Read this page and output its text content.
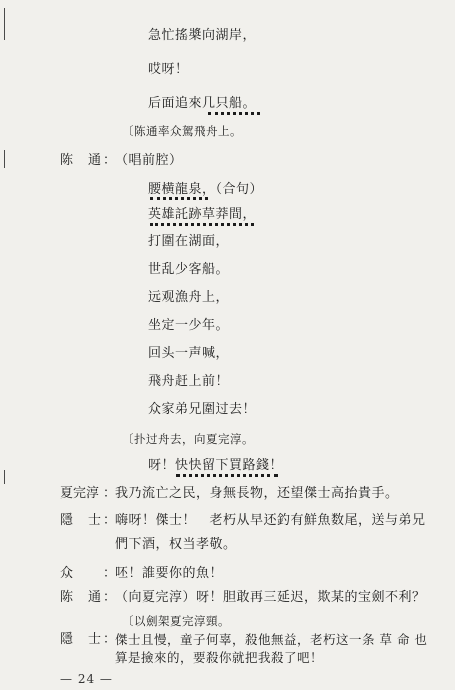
急忙搖槳向湖岸，
哎呀！
后面追來几只船。
〔陈通率众駕飛舟上。
陈　通 ：
（唱前腔）
腰横龍泉，（合句）
英雄託跡草莽間，
打圍在湖面，
世乱少客船。
远观漁舟上，
坐定一少年。
回头一声喊，
飛舟赶上前！
众家弟兄圍过去！
〔扑过舟去，向夏完淳。
呀！快快留下買路錢！
夏完淳 ：
我乃流亡之民，身無長物，还望傑士高抬貴手。
隱　士 ：
嗨呀！傑士！　老朽从早还釣有鮮魚数尾，送与弟兄
們下酒，权当孝敬。
众 ：
呸！誰要你的魚！
陈　通 ：
（向夏完淳）呀！胆敢再三延迟，欺某的宝劍不利？
〔以劍架夏完淳頸。
隱　士 ：
傑士且慢，童子何辜，殺他無益，老朽这一条 草 命 也
算是撿來的，要殺你就把我殺了吧！
— 24 —
